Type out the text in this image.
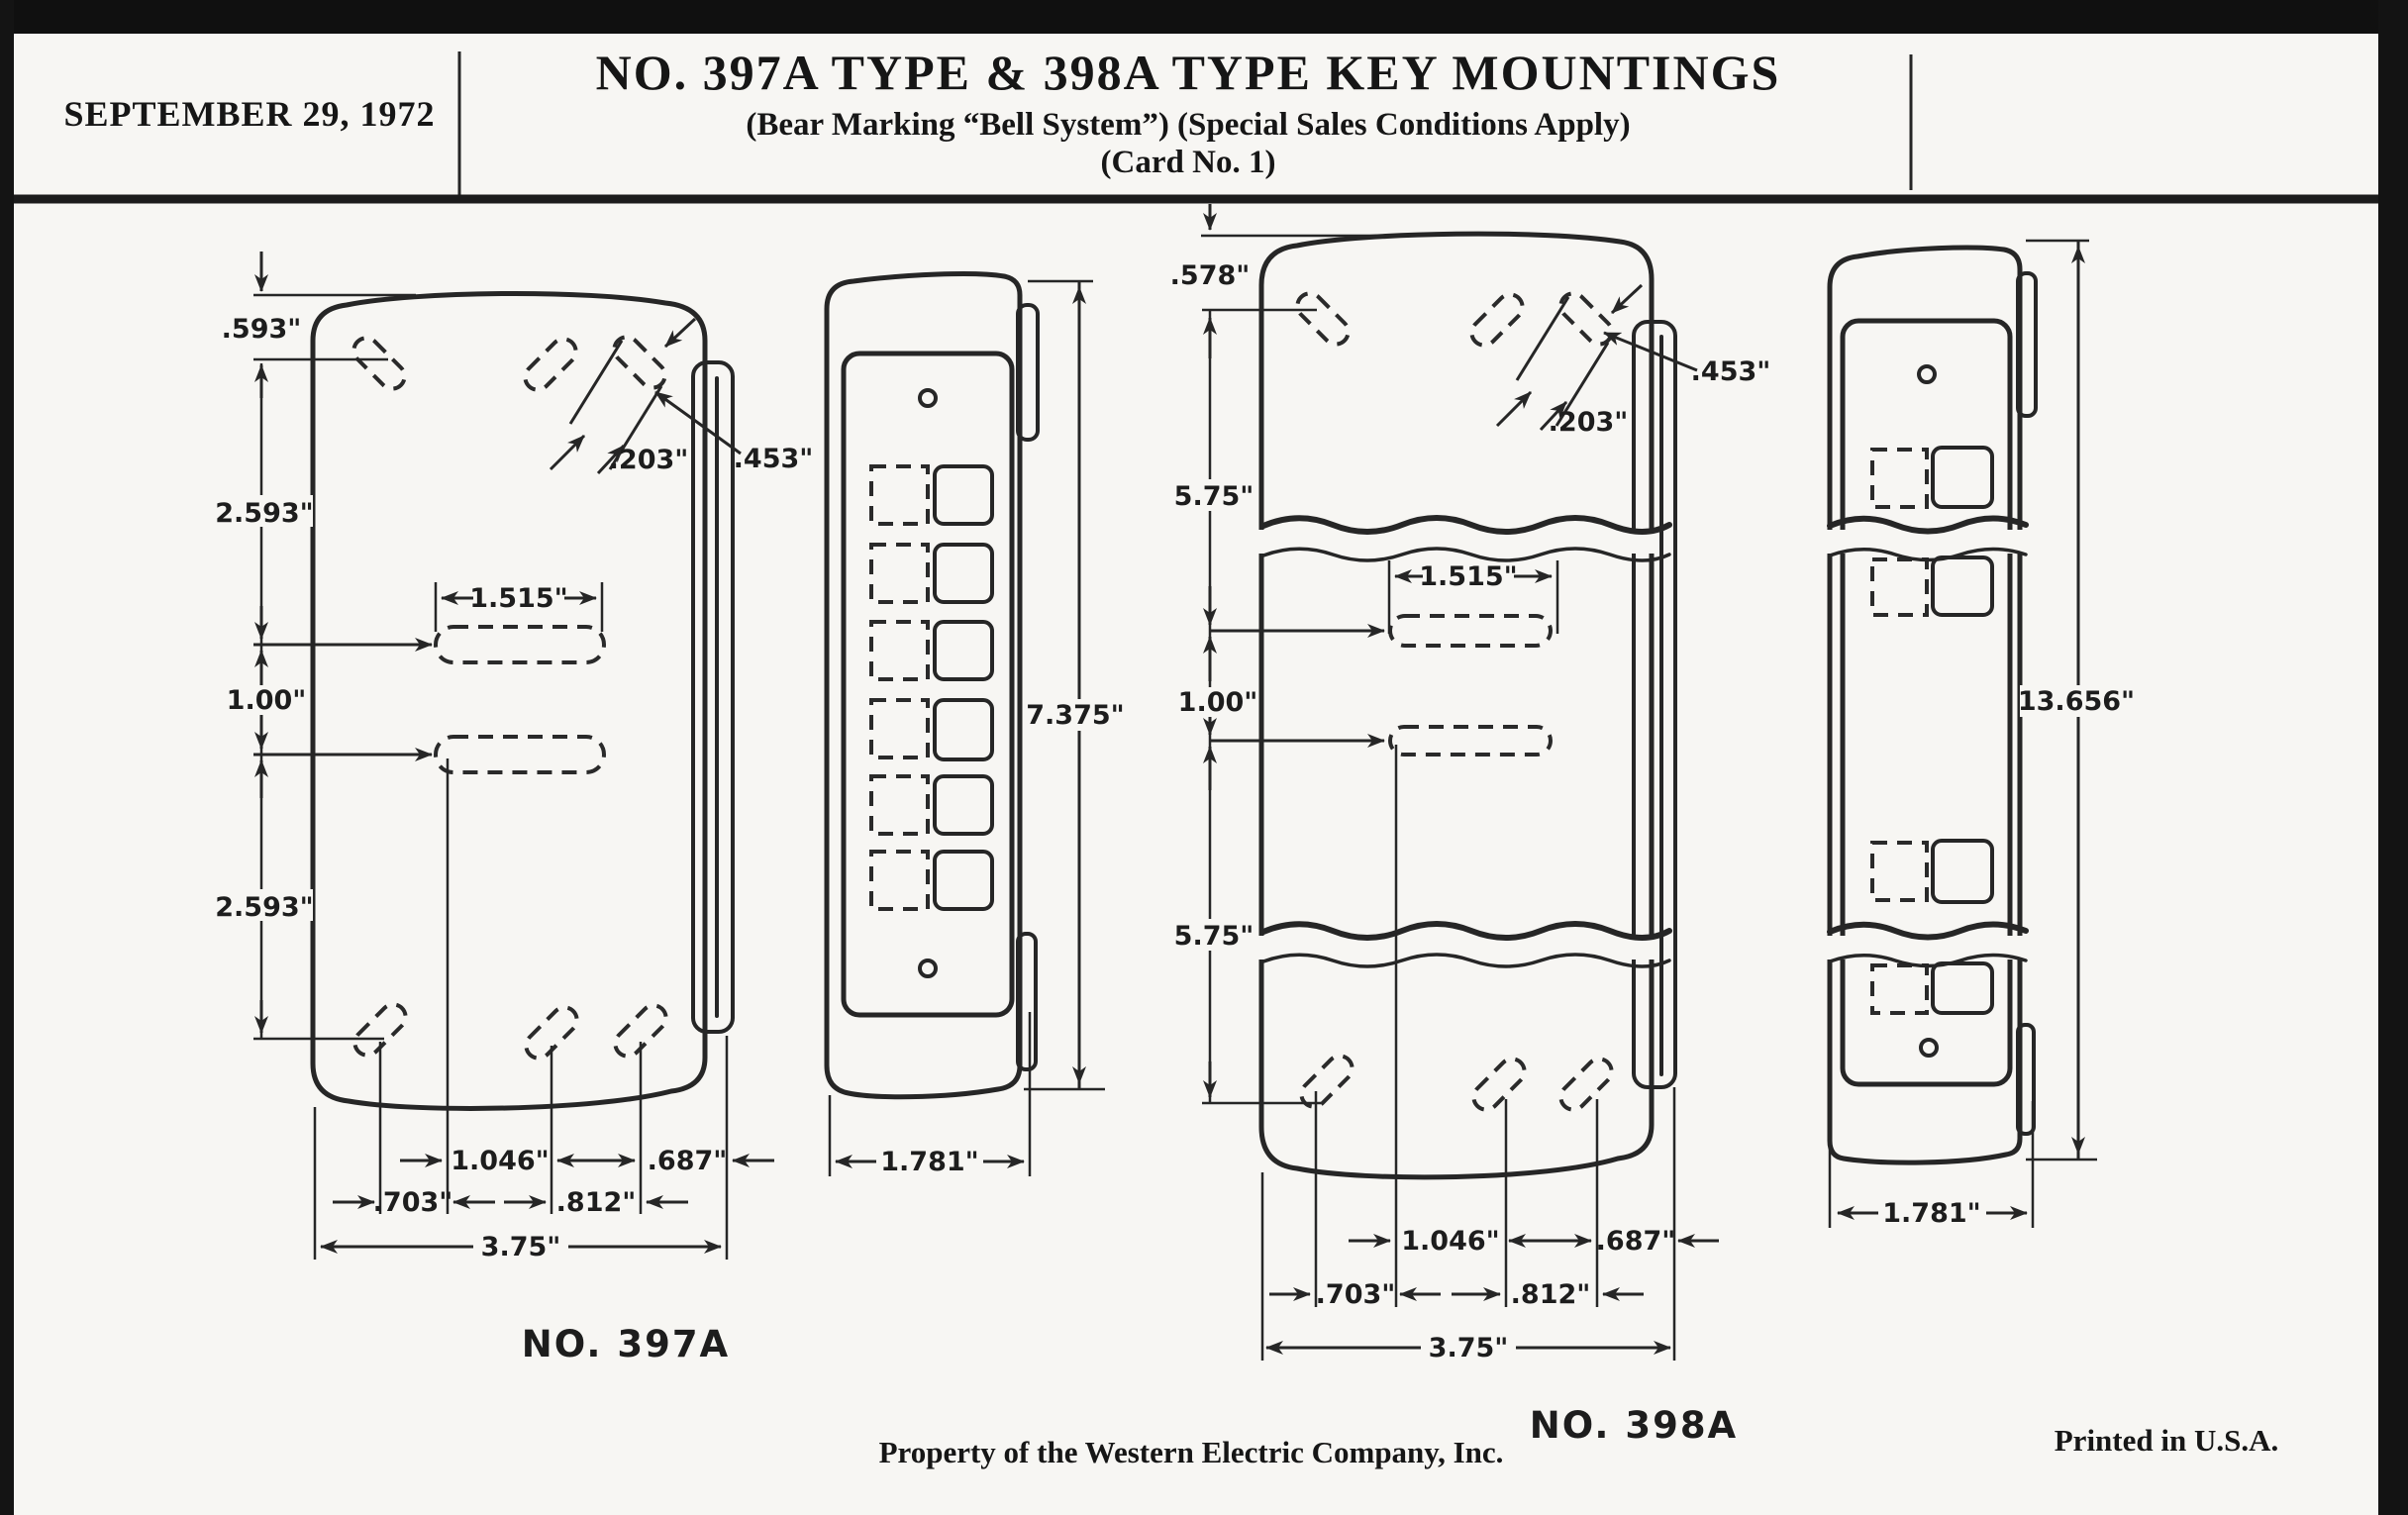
SEPTEMBER 29, 1972
NO. 397A TYPE & 398A TYPE KEY MOUNTINGS
(Bear Marking “Bell System”) (Special Sales Conditions Apply)
(Card No. 1)
.593"
2.593"
1.00"
2.593"
1.515"
.203" .453"
1.046"	.687"
.703"	.812"
3.75"
NO. 397A
7.375"
1.781"
.578"
5.75"
1.00"
5.75"
1.515"
.203"
.453"
1.046"	.687"
.703"	.812"
3.75"
NO. 398A
13.656"
1.781"
Property of the Western Electric Company, Inc.	Printed in U.S.A.
